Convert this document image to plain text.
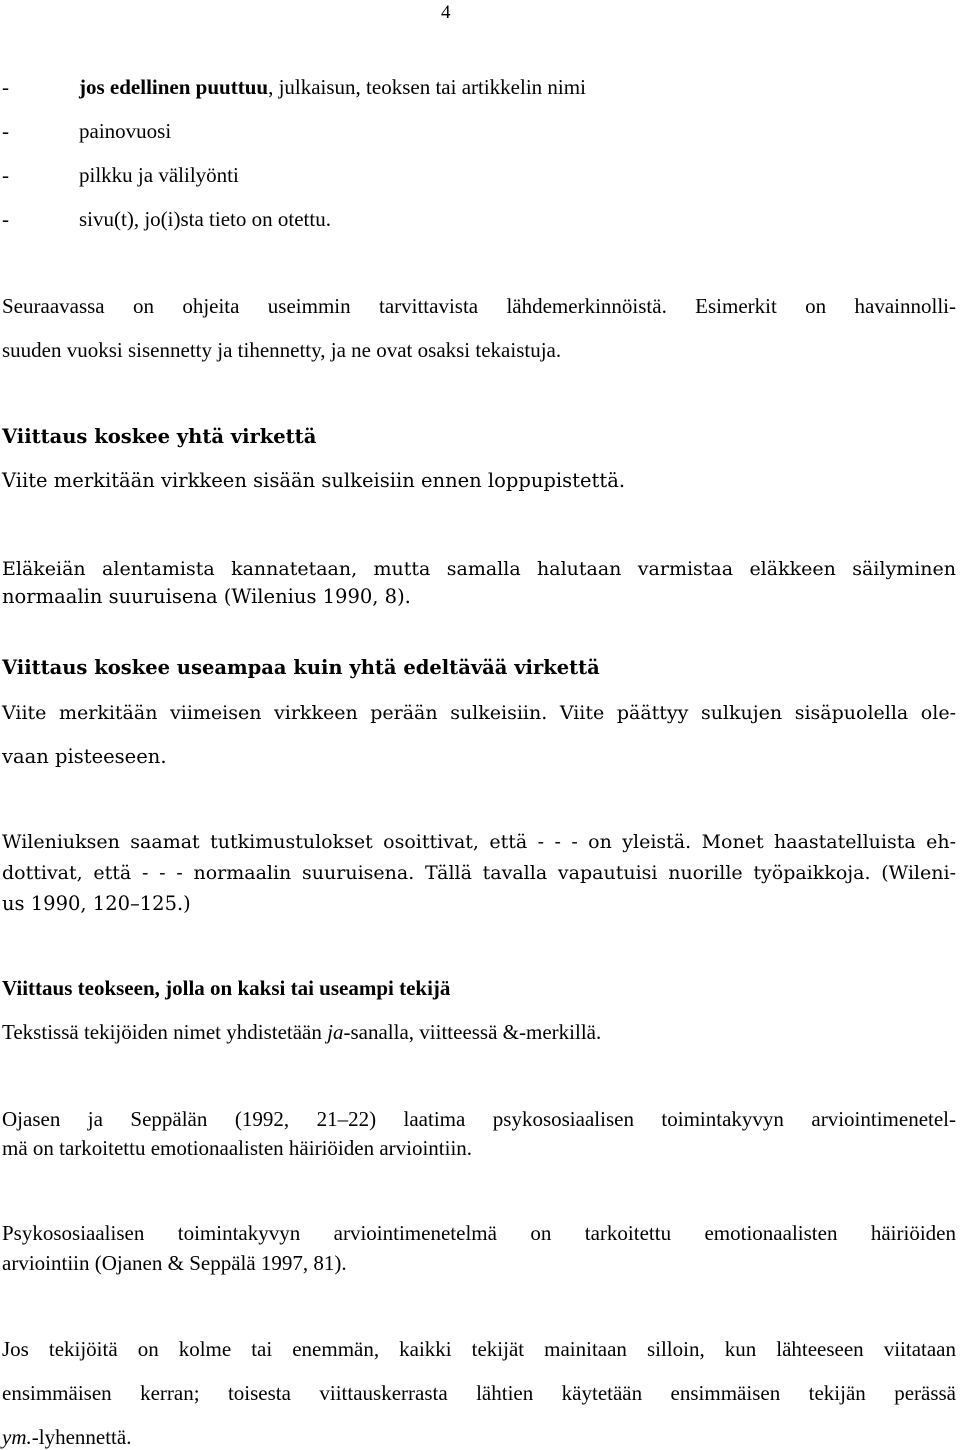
4
-	jos edellinen puuttuu, julkaisun, teoksen tai artikkelin nimi
-	painovuosi
-	pilkku ja välilyönti
-	sivu(t), jo(i)sta tieto on otettu.
Seuraavassa on ohjeita useimmin tarvittavista lähdemerkinnöistä. Esimerkit on havainnolli-
suuden vuoksi sisennetty ja tihennetty, ja ne ovat osaksi tekaistuja.
Viittaus koskee yhtä virkettä
Viite merkitään virkkeen sisään sulkeisiin ennen loppupistettä.
Eläkeiän alentamista kannatetaan, mutta samalla halutaan varmistaa eläkkeen säilyminen
normaalin suuruisena (Wilenius 1990, 8).
Viittaus koskee useampaa kuin yhtä edeltävää virkettä
Viite merkitään viimeisen virkkeen perään sulkeisiin. Viite päättyy sulkujen sisäpuolella ole-
vaan pisteeseen.
Wileniuksen saamat tutkimustulokset osoittivat, että - - - on yleistä. Monet haastatelluista eh-
dottivat, että - - - normaalin suuruisena. Tällä tavalla vapautuisi nuorille työpaikkoja. (Wileni-
us 1990, 120–125.)
Viittaus teokseen, jolla on kaksi tai useampi tekijä
Tekstissä tekijöiden nimet yhdistetään ja-sanalla, viitteessä &-merkillä.
Ojasen ja Seppälän (1992, 21–22) laatima psykososiaalisen toimintakyvyn arviointimenetel-
mä on tarkoitettu emotionaalisten häiriöiden arviointiin.
Psykososiaalisen toimintakyvyn arviointimenetelmä on tarkoitettu emotionaalisten häiriöiden
arviointiin (Ojanen & Seppälä 1997, 81).
Jos tekijöitä on kolme tai enemmän, kaikki tekijät mainitaan silloin, kun lähteeseen viitataan
ensimmäisen kerran; toisesta viittauskerrasta lähtien käytetään ensimmäisen tekijän perässä
ym.-lyhennettä.
